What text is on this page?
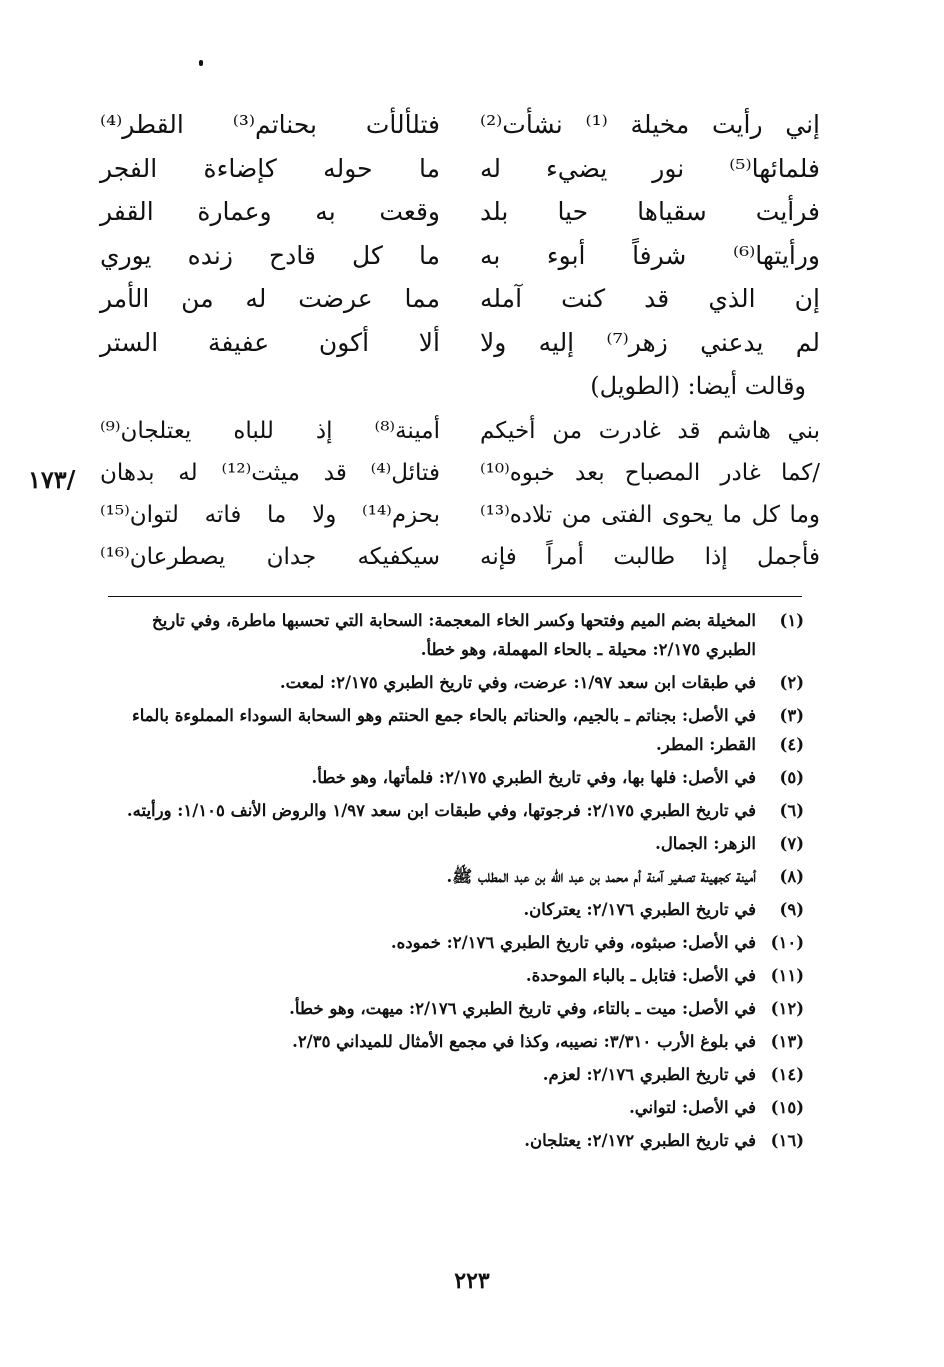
إني رأيت مخيلة ⁽¹⁾ نشأت⁽²⁾
فتلألأت بحناتم⁽³⁾ القطر⁽⁴⁾
فلمائها⁽⁵⁾ نور يضيء له
ما حوله كإضاءة الفجر
فرأيت سقياها حيا بلد
وقعت به وعمارة القفر
ورأيتها⁽⁶⁾ شرفاً أبوء به
ما كل قادح زنده يوري
إن الذي قد كنت آمله
مما عرضت له من الأمر
لم يدعني زهر⁽⁷⁾ إليه ولا
ألا أكون عفيفة الستر
وقالت أيضا: (الطويل)
بني هاشم قد غادرت من أخيكم
أمينة⁽⁸⁾ إذ للباه يعتلجان⁽⁹⁾
/كما غادر المصباح بعد خبوه⁽¹⁰⁾
فتائل⁽⁴⁾ قد ميثت⁽¹²⁾ له بدهان
وما كل ما يحوى الفتى من تلاده⁽¹³⁾
بحزم⁽¹⁴⁾ ولا ما فاته لتوان⁽¹⁵⁾
فأجمل إذا طالبت أمراً فإنه
سيكفيكه جدان يصطرعان⁽¹⁶⁾
/١٧٣
(١)
المخيلة بضم الميم وفتحها وكسر الخاء المعجمة: السحابة التي تحسبها ماطرة، وفي تاريخ الطبري ٢/١٧٥: محيلة ـ بالحاء المهملة، وهو خطأ.
(٢)
في طبقات ابن سعد ١/٩٧: عرضت، وفي تاريخ الطبري ٢/١٧٥: لمعت.
(٣)
في الأصل: بجناتم ـ بالجيم، والحناتم بالحاء جمع الحنتم وهو السحابة السوداء المملوءة بالماء
(٤)
القطر: المطر.
(٥)
في الأصل: فلها بها، وفي تاريخ الطبري ٢/١٧٥: فلمأتها، وهو خطأ.
(٦)
في تاريخ الطبري ٢/١٧٥: فرجوتها، وفي طبقات ابن سعد ١/٩٧ والروض الأنف ١/١٠٥: ورأيته.
(٧)
الزهر: الجمال.
(٨)
أمينة كجهينة تصغير آمنة أم محمد بن عبد الله بن عبد المطلب ﷺ.
(٩)
في تاريخ الطبري ٢/١٧٦: يعتركان.
(١٠)
في الأصل: صبثوه، وفي تاريخ الطبري ٢/١٧٦: خموده.
(١١)
في الأصل: فتابل ـ بالباء الموحدة.
(١٢)
في الأصل: ميت ـ بالتاء، وفي تاريخ الطبري ٢/١٧٦: ميهت، وهو خطأ.
(١٣)
في بلوغ الأرب ٣/٣١٠: نصيبه، وكذا في مجمع الأمثال للميداني ٢/٣٥.
(١٤)
في تاريخ الطبري ٢/١٧٦: لعزم.
(١٥)
في الأصل: لتواني.
(١٦)
في تاريخ الطبري ٢/١٧٢: يعتلجان.
٢٢٣
